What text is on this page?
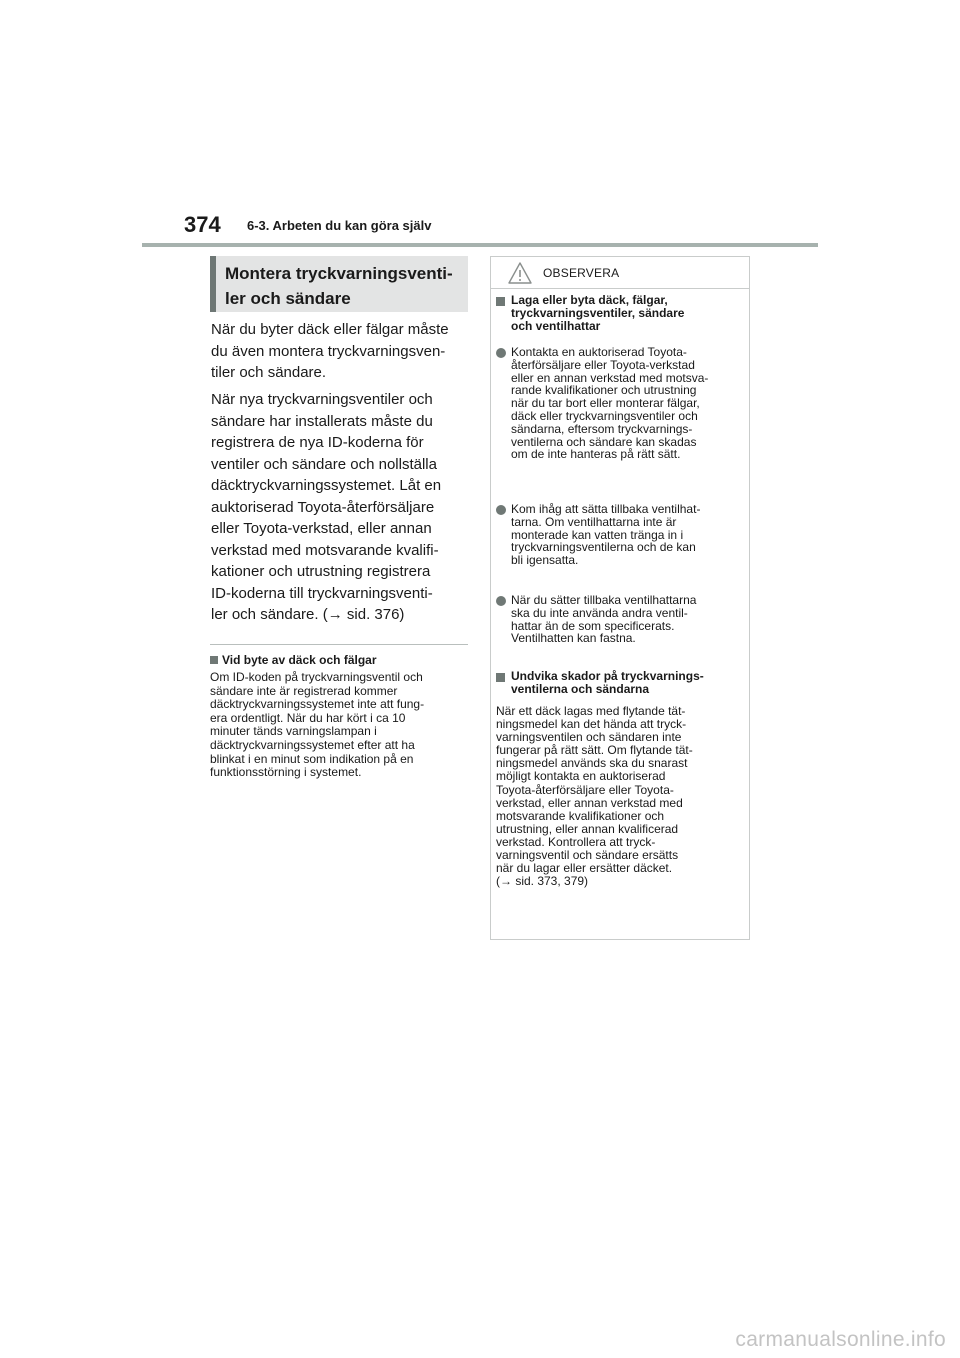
374 6-3. Arbeten du kan göra själv
Montera tryckvarningsventi-
ler och sändare
När du byter däck eller fälgar måste
du även montera tryckvarningsven-
tiler och sändare.
När nya tryckvarningsventiler och
sändare har installerats måste du
registrera de nya ID-koderna för
ventiler och sändare och nollställa
däcktryckvarningssystemet. Låt en
auktoriserad Toyota-återförsäljare
eller Toyota-verkstad, eller annan
verkstad med motsvarande kvalifi-
kationer och utrustning registrera
ID-koderna till tryckvarningsventi-
ler och sändare. (→ sid. 376)
Vid byte av däck och fälgar
Om ID-koden på tryckvarningsventil och
sändare inte är registrerad kommer
däcktryckvarningssystemet inte att fung-
era ordentligt. När du har kört i ca 10
minuter tänds varningslampan i
däcktryckvarningssystemet efter att ha
blinkat i en minut som indikation på en
funktionsstörning i systemet.
OBSERVERA
Laga eller byta däck, fälgar,
tryckvarningsventiler, sändare
och ventilhattar
Kontakta en auktoriserad Toyota-
återförsäljare eller Toyota-verkstad
eller en annan verkstad med motsva-
rande kvalifikationer och utrustning
när du tar bort eller monterar fälgar,
däck eller tryckvarningsventiler och
sändarna, eftersom tryckvarnings-
ventilerna och sändare kan skadas
om de inte hanteras på rätt sätt.
Kom ihåg att sätta tillbaka ventilhat-
tarna. Om ventilhattarna inte är
monterade kan vatten tränga in i
tryckvarningsventilerna och de kan
bli igensatta.
När du sätter tillbaka ventilhattarna
ska du inte använda andra ventil-
hattar än de som specificerats.
Ventilhatten kan fastna.
Undvika skador på tryckvarnings-
ventilerna och sändarna
När ett däck lagas med flytande tät-
ningsmedel kan det hända att tryck-
varningsventilen och sändaren inte
fungerar på rätt sätt. Om flytande tät-
ningsmedel används ska du snarast
möjligt kontakta en auktoriserad
Toyota-återförsäljare eller Toyota-
verkstad, eller annan verkstad med
motsvarande kvalifikationer och
utrustning, eller annan kvalificerad
verkstad. Kontrollera att tryck-
varningsventil och sändare ersätts
när du lagar eller ersätter däcket.
(→ sid. 373, 379)
carmanualsonline.info
